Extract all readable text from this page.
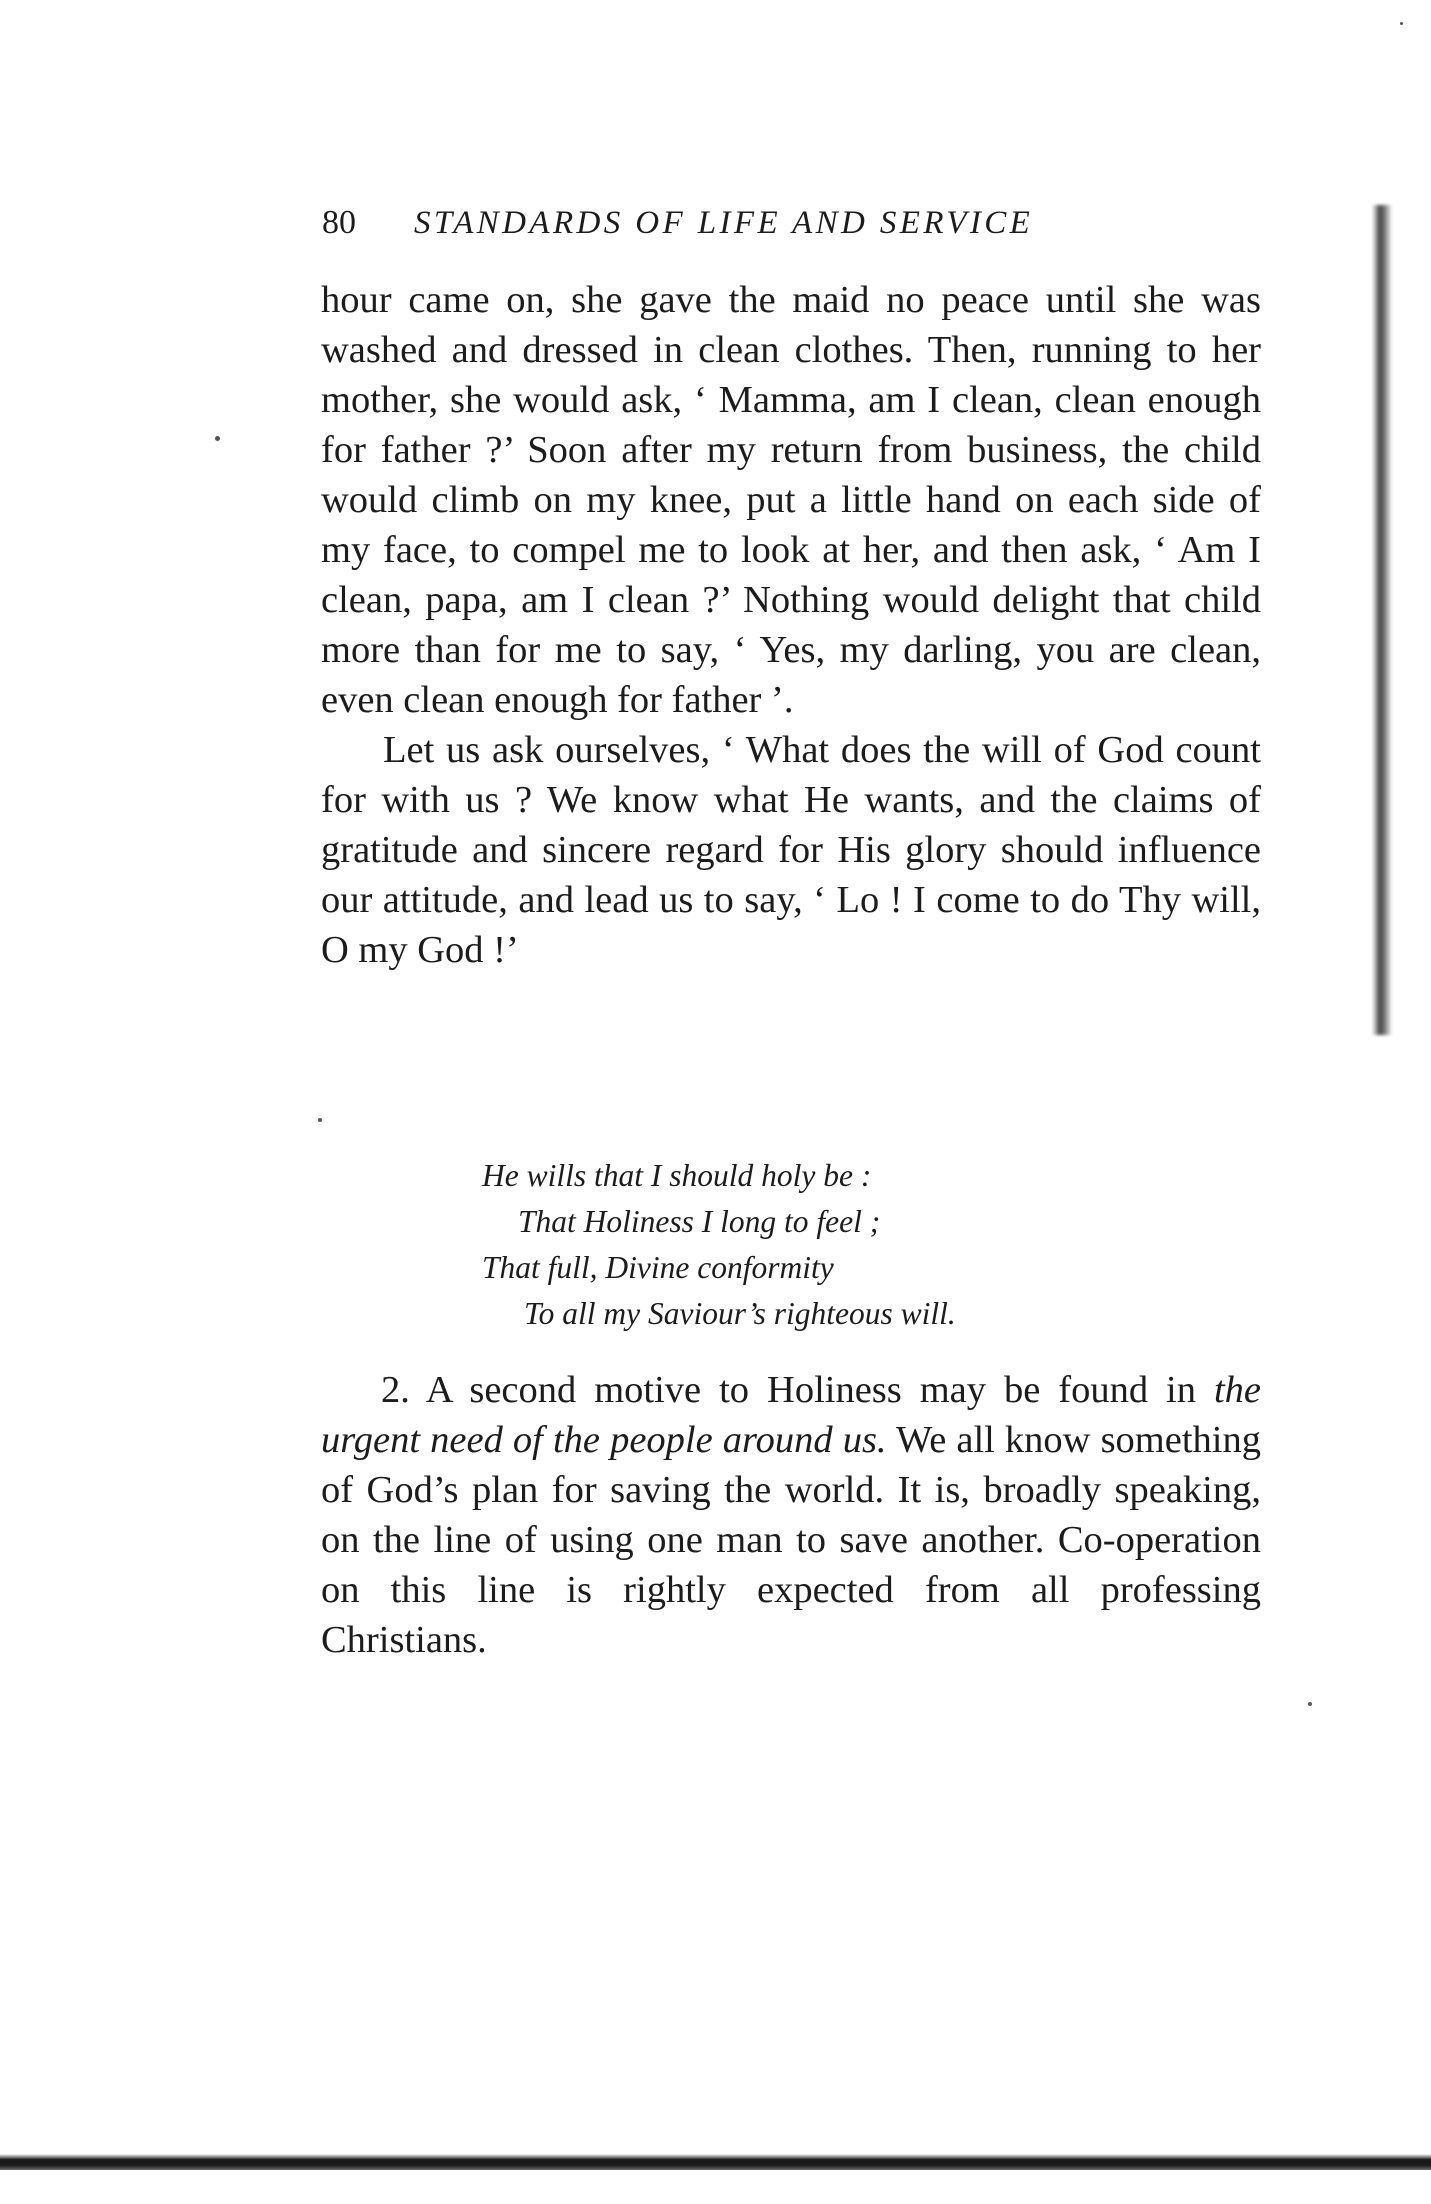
80 STANDARDS OF LIFE AND SERVICE

hour came on, she gave the maid no peace until she was washed and dressed in clean clothes. Then, running to her mother, she would ask, ‘ Mamma, am I clean, clean enough for father ?’ Soon after my return from business, the child would climb on my knee, put a little hand on each side of my face, to compel me to look at her, and then ask, ‘ Am I clean, papa, am I clean ?’ Nothing would delight that child more than for me to say, ‘ Yes, my darling, you are clean, even clean enough for father ’.

Let us ask ourselves, ‘ What does the will of God count for with us ? We know what He wants, and the claims of gratitude and sincere regard for His glory should influence our attitude, and lead us to say, ‘ Lo ! I come to do Thy will, O my God !’

He wills that I should holy be :
That Holiness I long to feel ;
That full, Divine conformity
To all my Saviour’s righteous will.

2. A second motive to Holiness may be found in the urgent need of the people around us. We all know something of God’s plan for saving the world. It is, broadly speaking, on the line of using one man to save another. Co-operation on this line is rightly expected from all professing Christians.
